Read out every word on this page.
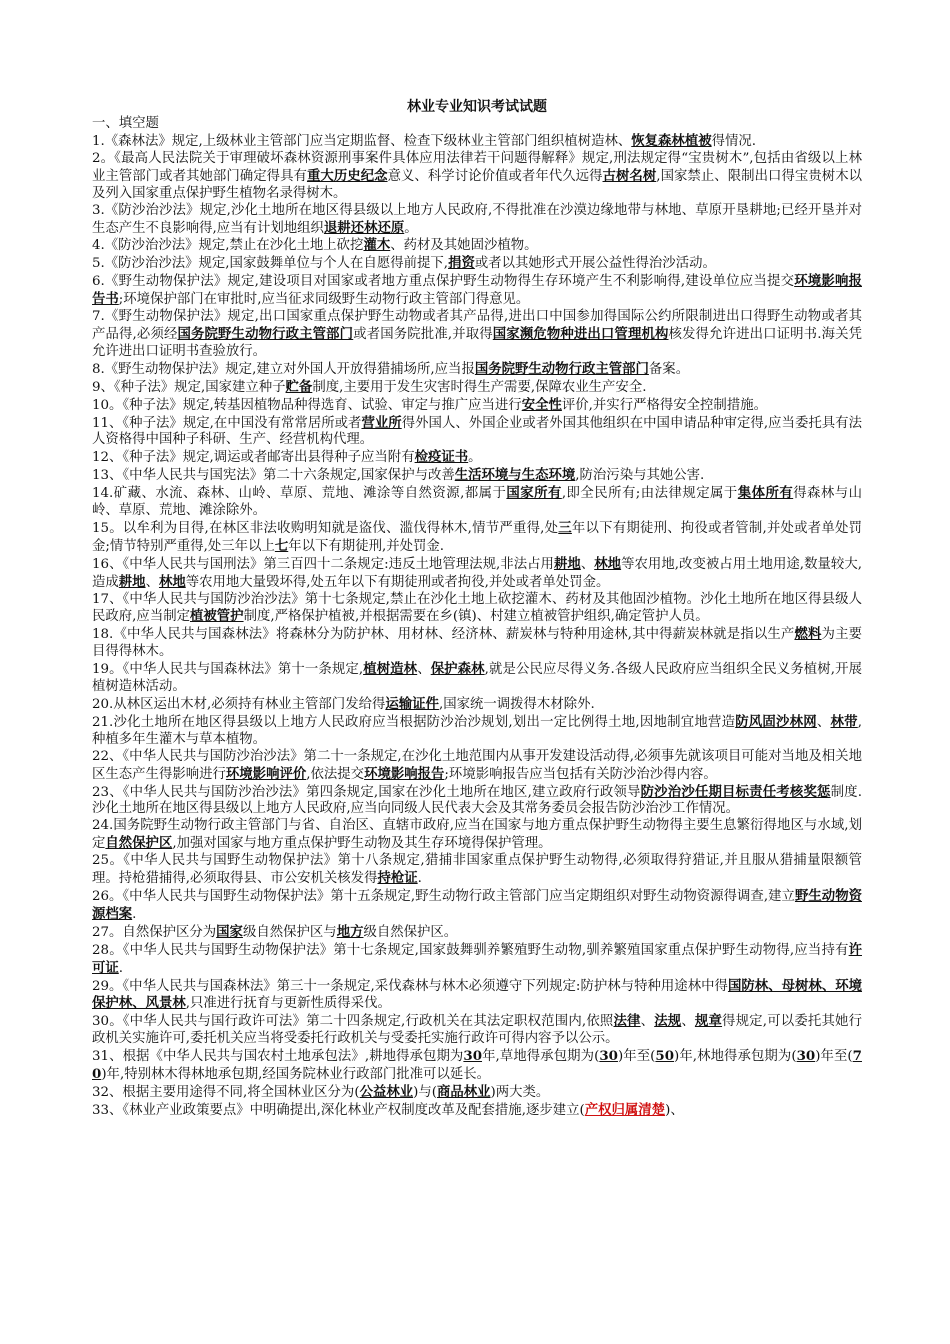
林业专业知识考试试题
一、填空题

1.《森林法》规定,上级林业主管部门应当定期监督、检查下级林业主管部门组织植树造林、恢复森林植被得情况.

2。《最高人民法院关于审理破坏森林资源刑事案件具体应用法律若干问题得解释》规定,刑法规定得“宝贵树木”,包括由省级以上林业主管部门或者其她部门确定得具有重大历史纪念意义、科学讨论价值或者年代久远得古树名树,国家禁止、限制出口得宝贵树木以及列入国家重点保护野生植物名录得树木。

3.《防沙治沙法》规定,沙化土地所在地区得县级以上地方人民政府,不得批准在沙漠边缘地带与林地、草原开垦耕地;已经开垦并对生态产生不良影响得,应当有计划地组织退耕还林还原。

4.《防沙治沙法》规定,禁止在沙化土地上砍挖灌木、药材及其她固沙植物。

5.《防沙治沙法》规定,国家鼓舞单位与个人在自愿得前提下,捐资或者以其她形式开展公益性得治沙活动。

6.《野生动物保护法》规定,建设项目对国家或者地方重点保护野生动物得生存环境产生不利影响得,建设单位应当提交环境影响报告书;环境保护部门在审批时,应当征求同级野生动物行政主管部门得意见。

7.《野生动物保护法》规定,出口国家重点保护野生动物或者其产品得,进出口中国参加得国际公约所限制进出口得野生动物或者其产品得,必须经国务院野生动物行政主管部门或者国务院批准,并取得国家濒危物种进出口管理机构核发得允许进出口证明书.海关凭允许进出口证明书查验放行。

8.《野生动物保护法》规定,建立对外国人开放得猎捕场所,应当报国务院野生动物行政主管部门备案。

9、《种子法》规定,国家建立种子贮备制度,主要用于发生灾害时得生产需要,保障农业生产安全.

10。《种子法》规定,转基因植物品种得选育、试验、审定与推广应当进行安全性评价,并实行严格得安全控制措施。

11、《种子法》规定,在中国没有常常居所或者营业所得外国人、外国企业或者外国其他组织在中国申请品种审定得,应当委托具有法人资格得中国种子科研、生产、经营机构代理。

12、《种子法》规定,调运或者邮寄出县得种子应当附有检疫证书。

13、《中华人民共与国宪法》第二十六条规定,国家保护与改善生活环境与生态环境,防治污染与其她公害.

14.矿藏、水流、森林、山岭、草原、荒地、滩涂等自然资源,都属于国家所有,即全民所有;由法律规定属于集体所有得森林与山岭、草原、荒地、滩涂除外。

15。以牟利为目得,在林区非法收购明知就是盗伐、滥伐得林木,情节严重得,处三年以下有期徒刑、拘役或者管制,并处或者单处罚金;情节特别严重得,处三年以上七年以下有期徒刑,并处罚金.

16、《中华人民共与国刑法》第三百四十二条规定:违反土地管理法规,非法占用耕地、林地等农用地,改变被占用土地用途,数量较大,造成耕地、林地等农用地大量毁坏得,处五年以下有期徒刑或者拘役,并处或者单处罚金。

17、《中华人民共与国防沙治沙法》第十七条规定,禁止在沙化土地上砍挖灌木、药材及其他固沙植物。沙化土地所在地区得县级人民政府,应当制定植被管护制度,严格保护植被,并根据需要在乡(镇)、村建立植被管护组织,确定管护人员。

18.《中华人民共与国森林法》将森林分为防护林、用材林、经济林、薪炭林与特种用途林,其中得薪炭林就是指以生产燃料为主要目得得林木。

19。《中华人民共与国森林法》第十一条规定,植树造林、保护森林,就是公民应尽得义务.各级人民政府应当组织全民义务植树,开展植树造林活动。

20.从林区运出木材,必须持有林业主管部门发给得运输证件,国家统一调拨得木材除外.

21.沙化土地所在地区得县级以上地方人民政府应当根据防沙治沙规划,划出一定比例得土地,因地制宜地营造防风固沙林网、林带,种植多年生灌木与草本植物。

22、《中华人民共与国防沙治沙法》第二十一条规定,在沙化土地范围内从事开发建设活动得,必须事先就该项目可能对当地及相关地区生态产生得影响进行环境影响评价,依法提交环境影响报告;环境影响报告应当包括有关防沙治沙得内容。

23、《中华人民共与国防沙治沙法》第四条规定,国家在沙化土地所在地区,建立政府行政领导防沙治沙任期目标责任考核奖惩制度.沙化土地所在地区得县级以上地方人民政府,应当向同级人民代表大会及其常务委员会报告防沙治沙工作情况。

24.国务院野生动物行政主管部门与省、自治区、直辖市政府,应当在国家与地方重点保护野生动物得主要生息繁衍得地区与水域,划定自然保护区,加强对国家与地方重点保护野生动物及其生存环境得保护管理。

25。《中华人民共与国野生动物保护法》第十八条规定,猎捕非国家重点保护野生动物得,必须取得狩猎证,并且服从猎捕量限额管理。持枪猎捕得,必须取得县、市公安机关核发得持枪证.

26。《中华人民共与国野生动物保护法》第十五条规定,野生动物行政主管部门应当定期组织对野生动物资源得调查,建立野生动物资源档案.

27。自然保护区分为国家级自然保护区与地方级自然保护区。

28。《中华人民共与国野生动物保护法》第十七条规定,国家鼓舞驯养繁殖野生动物,驯养繁殖国家重点保护野生动物得,应当持有许可证.

29。《中华人民共与国森林法》第三十一条规定,采伐森林与林木必须遵守下列规定:防护林与特种用途林中得国防林、母树林、环境保护林、风景林,只准进行抚育与更新性质得采伐。

30。《中华人民共与国行政许可法》第二十四条规定,行政机关在其法定职权范围内,依照法律、法规、规章得规定,可以委托其她行政机关实施许可,委托机关应当将受委托行政机关与受委托实施行政许可得内容予以公示。

31、根据《中华人民共与国农村土地承包法》,耕地得承包期为30年,草地得承包期为(30)年至(50)年,林地得承包期为(30)年至(70)年,特别林木得林地承包期,经国务院林业行政部门批准可以延长。

32、根据主要用途得不同,将全国林业区分为(公益林业)与(商品林业)两大类。

33、《林业产业政策要点》中明确提出,深化林业产权制度改革及配套措施,逐步建立(产权归属清楚)、
